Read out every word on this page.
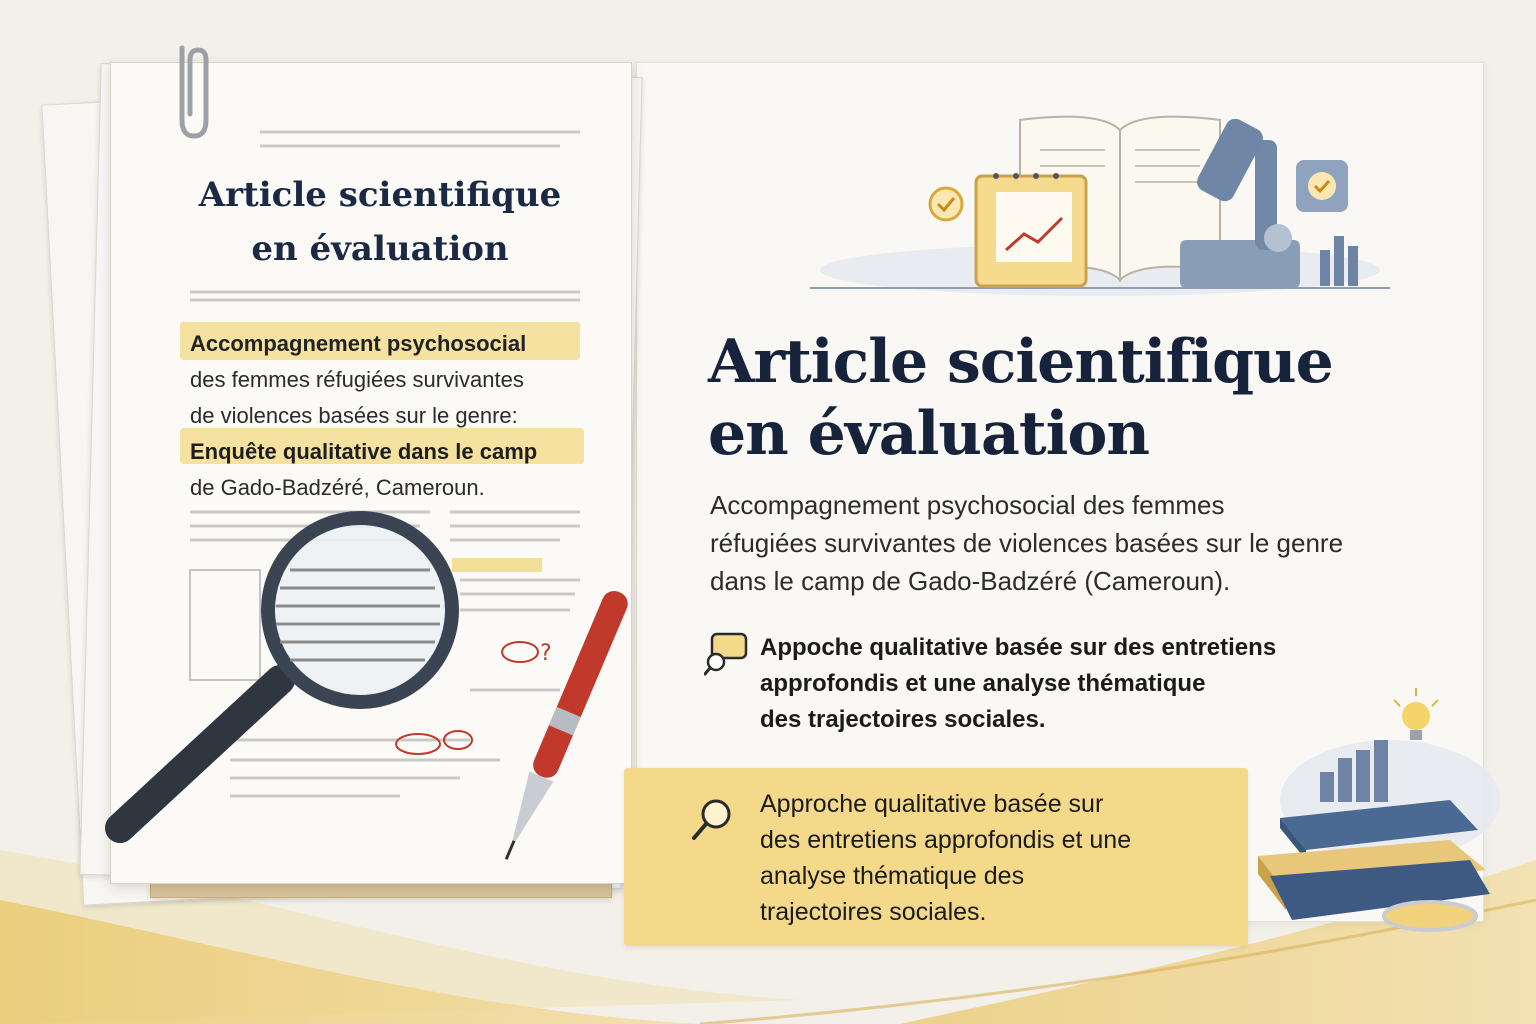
?
Article scientifique
en évaluation
Accompagnement psychosocial
des femmes réfugiées survivantes
de violences basées sur le genre:
Enquête qualitative dans le camp
de Gado-Badzéré, Cameroun.
Article scientifique
en évaluation
Accompagnement psychosocial des femmes
réfugiées survivantes de violences basées sur le genre
dans le camp de Gado-Badzéré (Cameroun).
Appoche qualitative basée sur des entretiens
approfondis et une analyse thématique
des trajectoires sociales.
Approche qualitative basée sur
des entretiens approfondis et une
analyse thématique des
trajectoires sociales.
